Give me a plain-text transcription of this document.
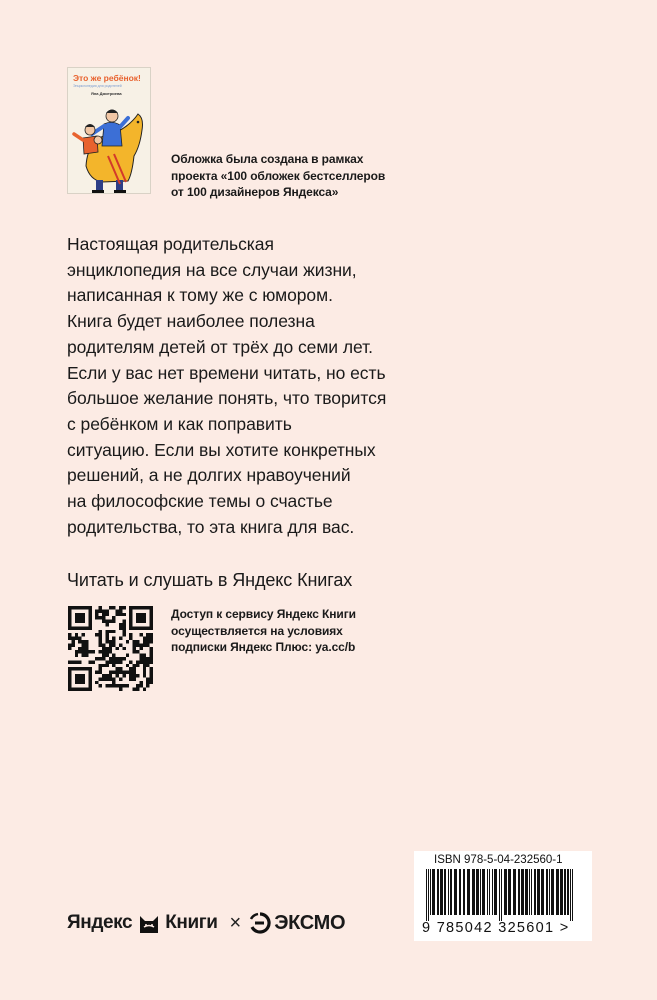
Это же ребёнок!
Энциклопедия для родителей
Яна Дмитриева
Обложка была создана в рамках
проекта «100 обложек бестселлеров
от 100 дизайнеров Яндекса»
Настоящая родительская
энциклопедия на все случаи жизни,
написанная к тому же с юмором.
Книга будет наиболее полезна
родителям детей от трёх до семи лет.
Если у вас нет времени читать, но есть
большое желание понять, что творится
с ребёнком и как поправить
ситуацию. Если вы хотите конкретных
решений, а не долгих нравоучений
на философские темы о счастье
родительства, то эта книга для вас.
Читать и слушать в Яндекс Книгах
Доступ к сервису Яндекс Книги
осуществляется на условиях
подписки Яндекс Плюс: ya.cc/b
Яндекс Книги × ЭКСМО
ISBN 978-5-04-232560-1
9 785042 325601 >
